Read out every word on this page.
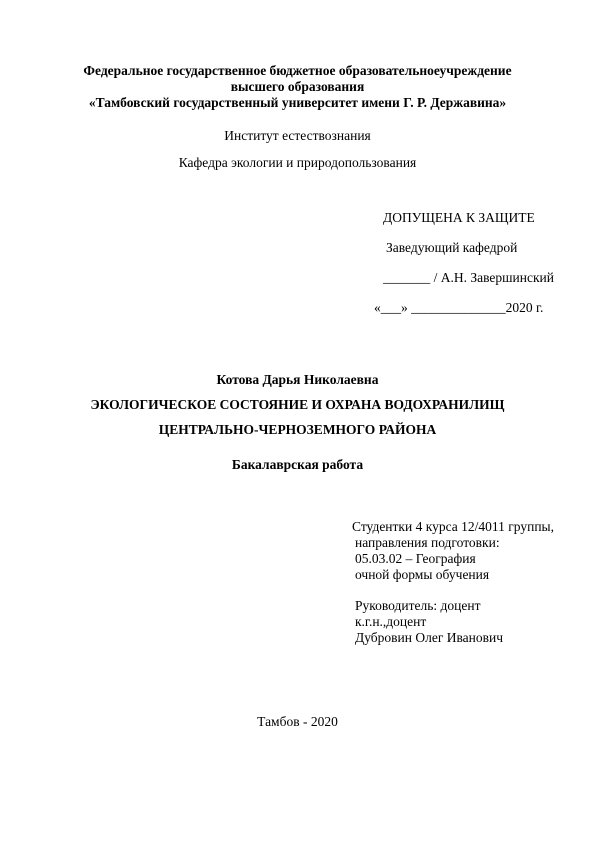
Федеральное государственное бюджетное образовательноеучреждение
высшего образования
«Тамбовский государственный университет имени Г. Р. Державина»
Институт естествознания
Кафедра экологии и природопользования
ДОПУЩЕНА К ЗАЩИТЕ
Заведующий кафедрой
_______ / А.Н. Завершинский
«___» ______________2020 г.
Котова Дарья Николаевна
ЭКОЛОГИЧЕСКОЕ СОСТОЯНИЕ И ОХРАНА ВОДОХРАНИЛИЩ
ЦЕНТРАЛЬНО-ЧЕРНОЗЕМНОГО РАЙОНА
Бакалаврская работа
Студентки 4 курса 12/4011 группы,
направления подготовки:
05.03.02 – География
очной формы обучения
Руководитель: доцент
к.г.н.,доцент
Дубровин Олег Иванович
Тамбов - 2020
